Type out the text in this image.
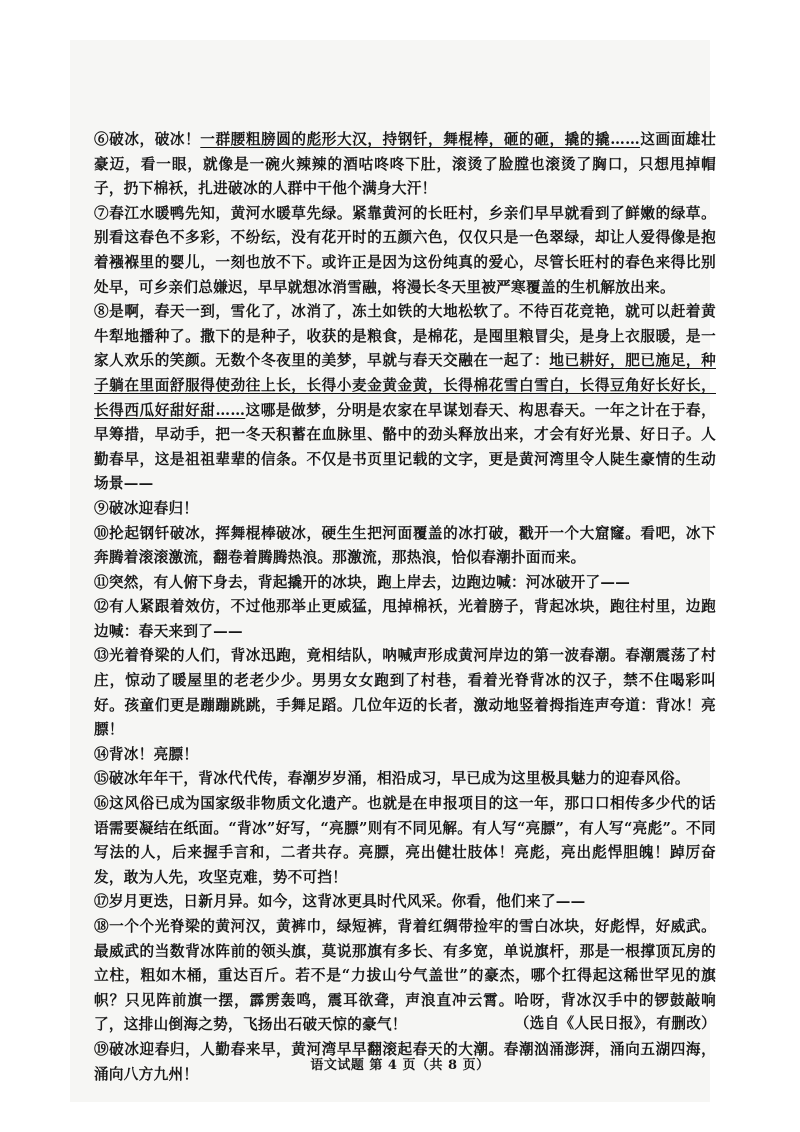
⑥破冰，破冰！一群腰粗膀圆的彪形大汉，持钢钎，舞棍棒，砸的砸，撬的撬……这画面雄壮豪迈，看一眼，就像是一碗火辣辣的酒咕咚咚下肚，滚烫了脸膛也滚烫了胸口，只想甩掉帽子，扔下棉袄，扎进破冰的人群中干他个满身大汗！

⑦春江水暖鸭先知，黄河水暖草先绿。紧靠黄河的长旺村，乡亲们早早就看到了鲜嫩的绿草。别看这春色不多彩，不纷纭，没有花开时的五颜六色，仅仅只是一色翠绿，却让人爱得像是抱着襁褓里的婴儿，一刻也放不下。或许正是因为这份纯真的爱心，尽管长旺村的春色来得比别处早，可乡亲们总嫌迟，早早就想冰消雪融，将漫长冬天里被严寒覆盖的生机解放出来。

⑧是啊，春天一到，雪化了，冰消了，冻土如铁的大地松软了。不待百花竞艳，就可以赶着黄牛犁地播种了。撒下的是种子，收获的是粮食，是棉花，是囤里粮冒尖，是身上衣服暖，是一家人欢乐的笑颜。无数个冬夜里的美梦，早就与春天交融在一起了：地已耕好，肥已施足，种子躺在里面舒服得使劲往上长，长得小麦金黄金黄，长得棉花雪白雪白，长得豆角好长好长，长得西瓜好甜好甜……这哪是做梦，分明是农家在早谋划春天、构思春天。一年之计在于春，早筹措，早动手，把一冬天积蓄在血脉里、骼中的劲头释放出来，才会有好光景、好日子。人勤春早，这是祖祖辈辈的信条。不仅是书页里记载的文字，更是黄河湾里令人陡生豪情的生动场景——

⑨破冰迎春归！

⑩抡起钢钎破冰，挥舞棍棒破冰，硬生生把河面覆盖的冰打破，戳开一个大窟窿。看吧，冰下奔腾着滚滚激流，翻卷着腾腾热浪。那激流，那热浪，恰似春潮扑面而来。

⑪突然，有人俯下身去，背起撬开的冰块，跑上岸去，边跑边喊：河冰破开了——

⑫有人紧跟着效仿，不过他那举止更威猛，甩掉棉袄，光着膀子，背起冰块，跑往村里，边跑边喊：春天来到了——

⑬光着脊梁的人们，背冰迅跑，竟相结队，呐喊声形成黄河岸边的第一波春潮。春潮震荡了村庄，惊动了暖屋里的老老少少。男男女女跑到了村巷，看着光脊背冰的汉子，禁不住喝彩叫好。孩童们更是蹦蹦跳跳，手舞足蹈。几位年迈的长者，激动地竖着拇指连声夸道：背冰！亮膘！

⑭背冰！亮膘！

⑮破冰年年干，背冰代代传，春潮岁岁涌，相沿成习，早已成为这里极具魅力的迎春风俗。

⑯这风俗已成为国家级非物质文化遗产。也就是在申报项目的这一年，那口口相传多少代的话语需要凝结在纸面。“背冰”好写，“亮膘”则有不同见解。有人写“亮膘”，有人写“亮彪”。不同写法的人，后来握手言和，二者共存。亮膘，亮出健壮肢体！亮彪，亮出彪悍胆魄！踔厉奋发，敢为人先，攻坚克难，势不可挡！

⑰岁月更迭，日新月异。如今，这背冰更具时代风采。你看，他们来了——

⑱一个个光脊梁的黄河汉，黄裤巾，绿短裤，背着红绸带捡牢的雪白冰块，好彪悍，好威武。最威武的当数背冰阵前的领头旗，莫说那旗有多长、有多宽，单说旗杆，那是一根撑顶瓦房的立柱，粗如木桶，重达百斤。若不是“力拔山兮气盖世”的豪杰，哪个扛得起这稀世罕见的旗帜？只见阵前旗一摆，霹雳轰鸣，震耳欲聋，声浪直冲云霄。哈呀，背冰汉手中的锣鼓敲响了，这排山倒海之势，飞扬出石破天惊的豪气！

⑲破冰迎春归，人勤春来早，黄河湾早早翻滚起春天的大潮。春潮汹涌澎湃，涌向五湖四海，涌向八方九州！

（选自《人民日报》，有删改）
语文试题 第 4 页（共 8 页）
